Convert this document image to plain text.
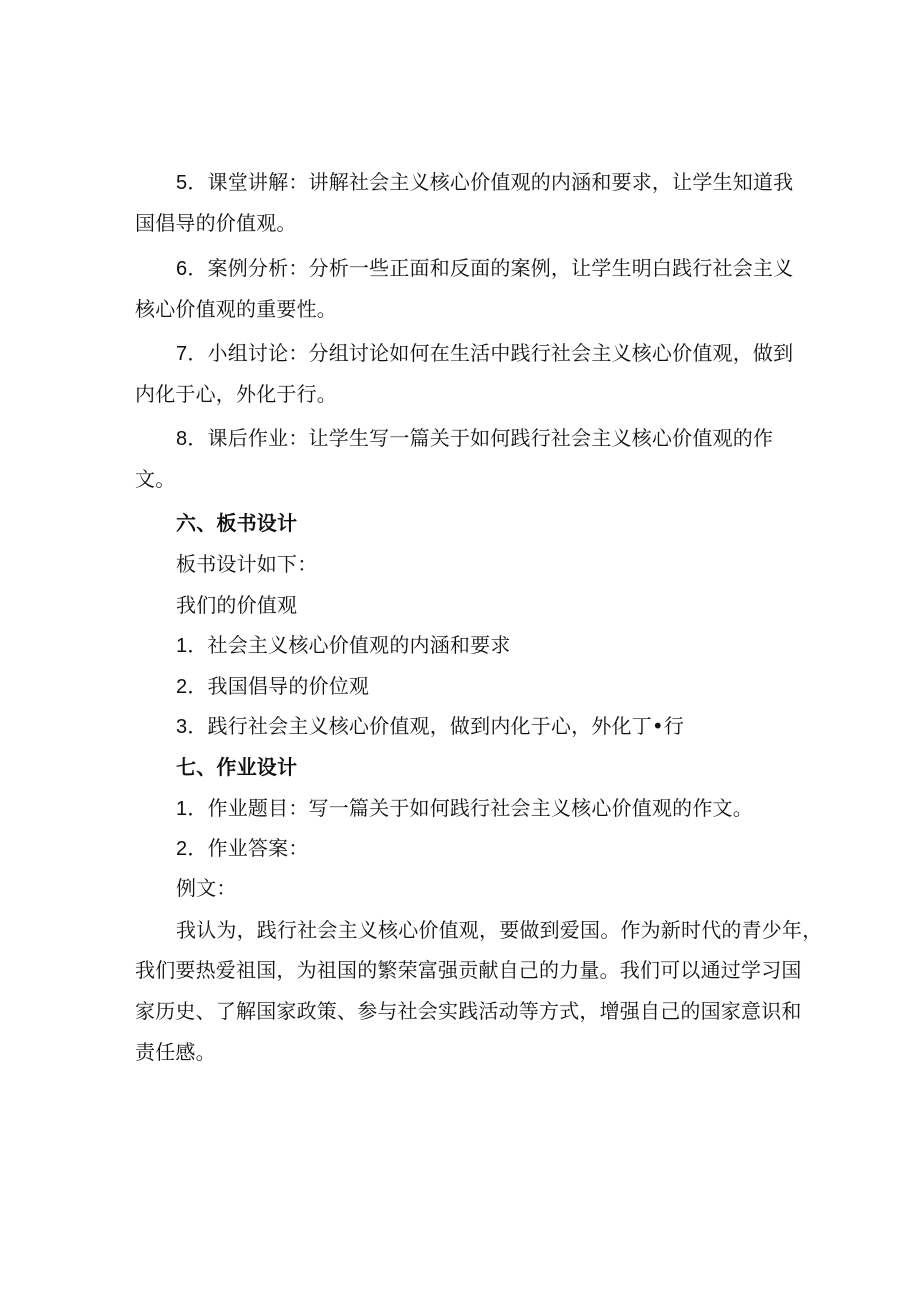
5．课堂讲解：讲解社会主义核心价值观的内涵和要求，让学生知道我
国倡导的价值观。
6．案例分析：分析一些正面和反面的案例，让学生明白践行社会主义
核心价值观的重要性。
7．小组讨论：分组讨论如何在生活中践行社会主义核心价值观，做到
内化于心，外化于行。
8．课后作业：让学生写一篇关于如何践行社会主义核心价值观的作
文。
六、板书设计
板书设计如下：
我们的价值观
1．社会主义核心价值观的内涵和要求
2．我国倡导的价位观
3．践行社会主义核心价值观，做到内化于心，外化丁•行
七、作业设计
1．作业题目：写一篇关于如何践行社会主义核心价值观的作文。
2．作业答案：
例文：
我认为，践行社会主义核心价值观，要做到爱国。作为新时代的青少年，
我们要热爱祖国，为祖国的繁荣富强贡献自己的力量。我们可以通过学习国
家历史、了解国家政策、参与社会实践活动等方式，增强自己的国家意识和
责任感。
